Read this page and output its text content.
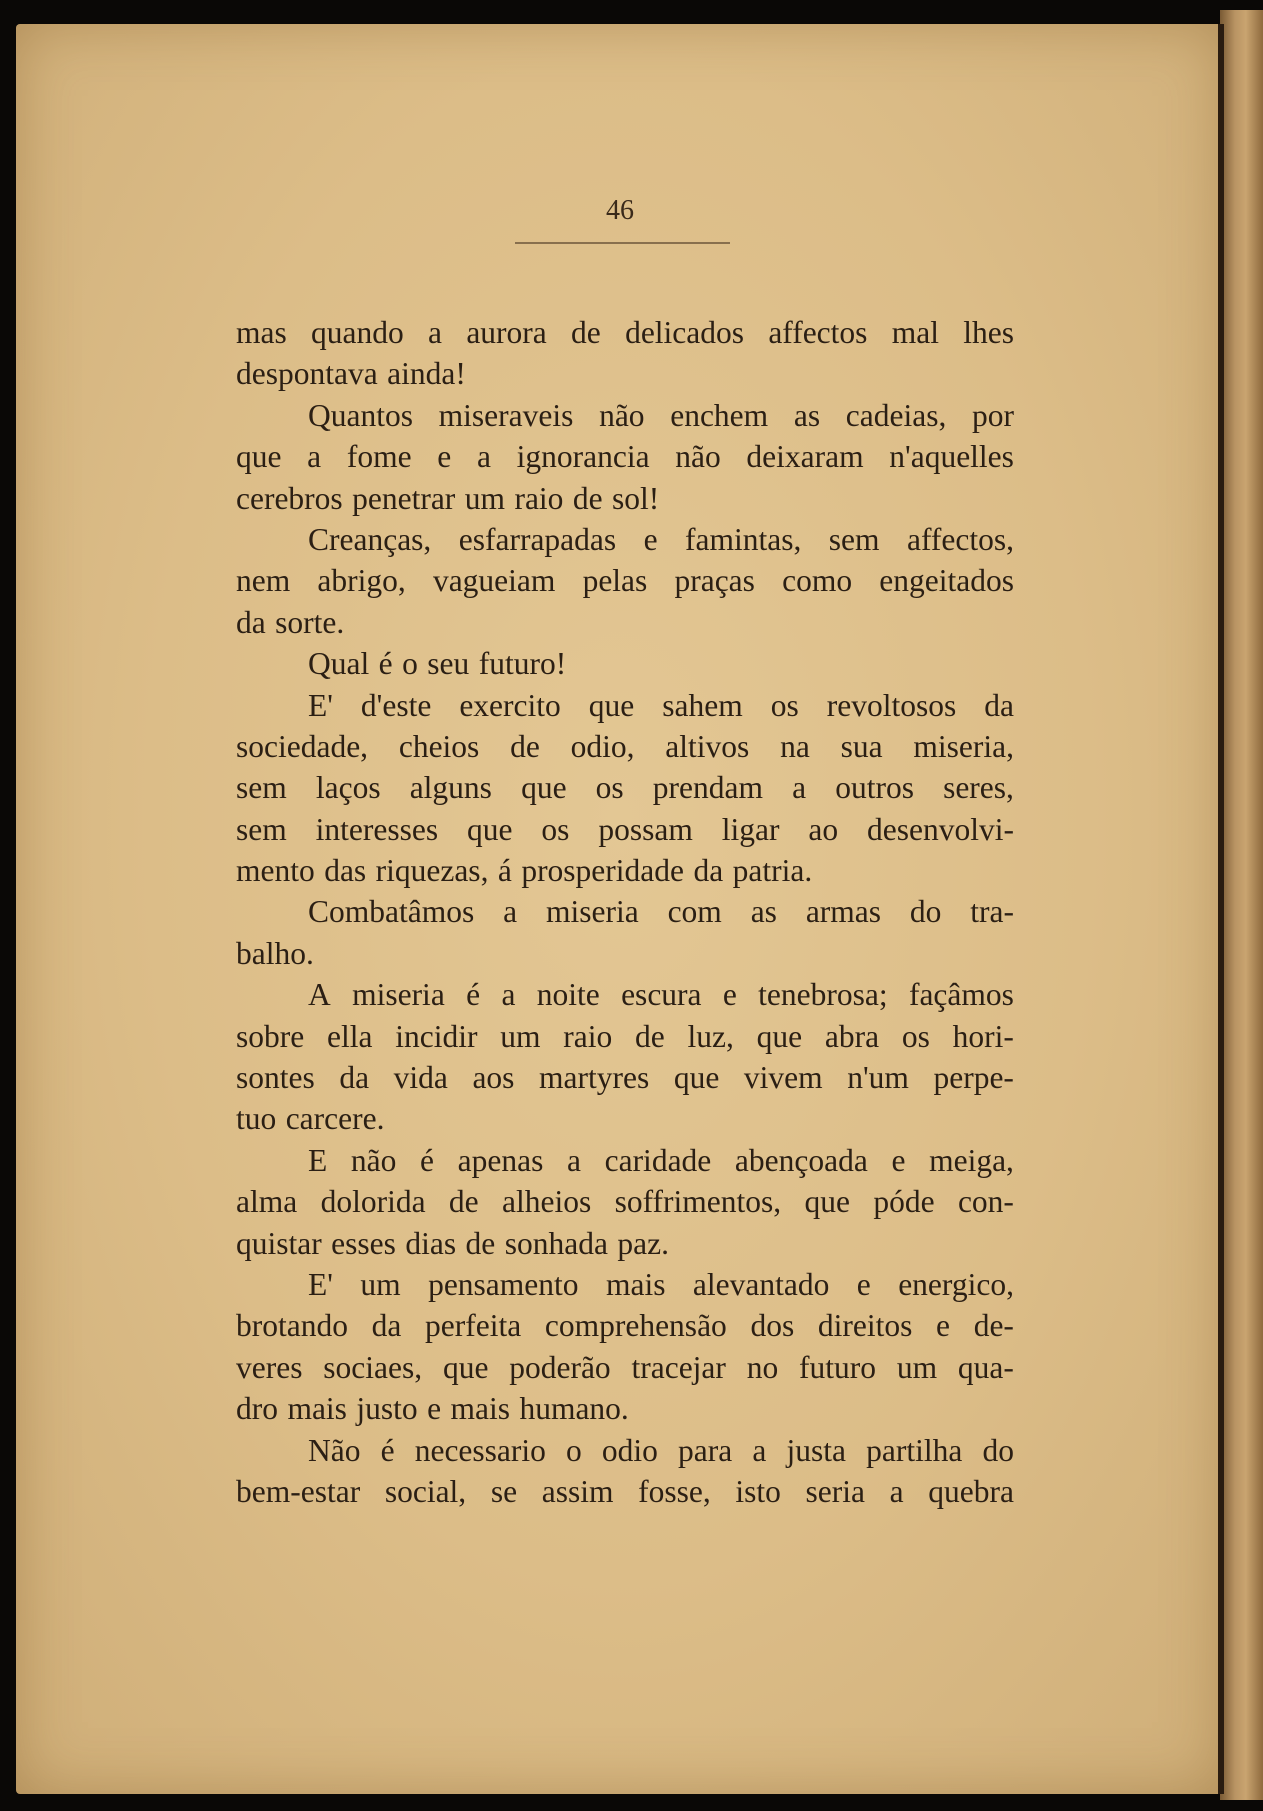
46
mas quando a aurora de delicados affectos mal lhes
despontava ainda!
Quantos miseraveis não enchem as cadeias, por
que a fome e a ignorancia não deixaram n'aquelles
cerebros penetrar um raio de sol!
Creanças, esfarrapadas e famintas, sem affectos,
nem abrigo, vagueiam pelas praças como engeitados
da sorte.
Qual é o seu futuro!
E' d'este exercito que sahem os revoltosos da
sociedade, cheios de odio, altivos na sua miseria,
sem laços alguns que os prendam a outros seres,
sem interesses que os possam ligar ao desenvolvi-
mento das riquezas, á prosperidade da patria.
Combatâmos a miseria com as armas do tra-
balho.
A miseria é a noite escura e tenebrosa; façâmos
sobre ella incidir um raio de luz, que abra os hori-
sontes da vida aos martyres que vivem n'um perpe-
tuo carcere.
E não é apenas a caridade abençoada e meiga,
alma dolorida de alheios soffrimentos, que póde con-
quistar esses dias de sonhada paz.
E' um pensamento mais alevantado e energico,
brotando da perfeita comprehensão dos direitos e de-
veres sociaes, que poderão tracejar no futuro um qua-
dro mais justo e mais humano.
Não é necessario o odio para a justa partilha do
bem-estar social, se assim fosse, isto seria a quebra
